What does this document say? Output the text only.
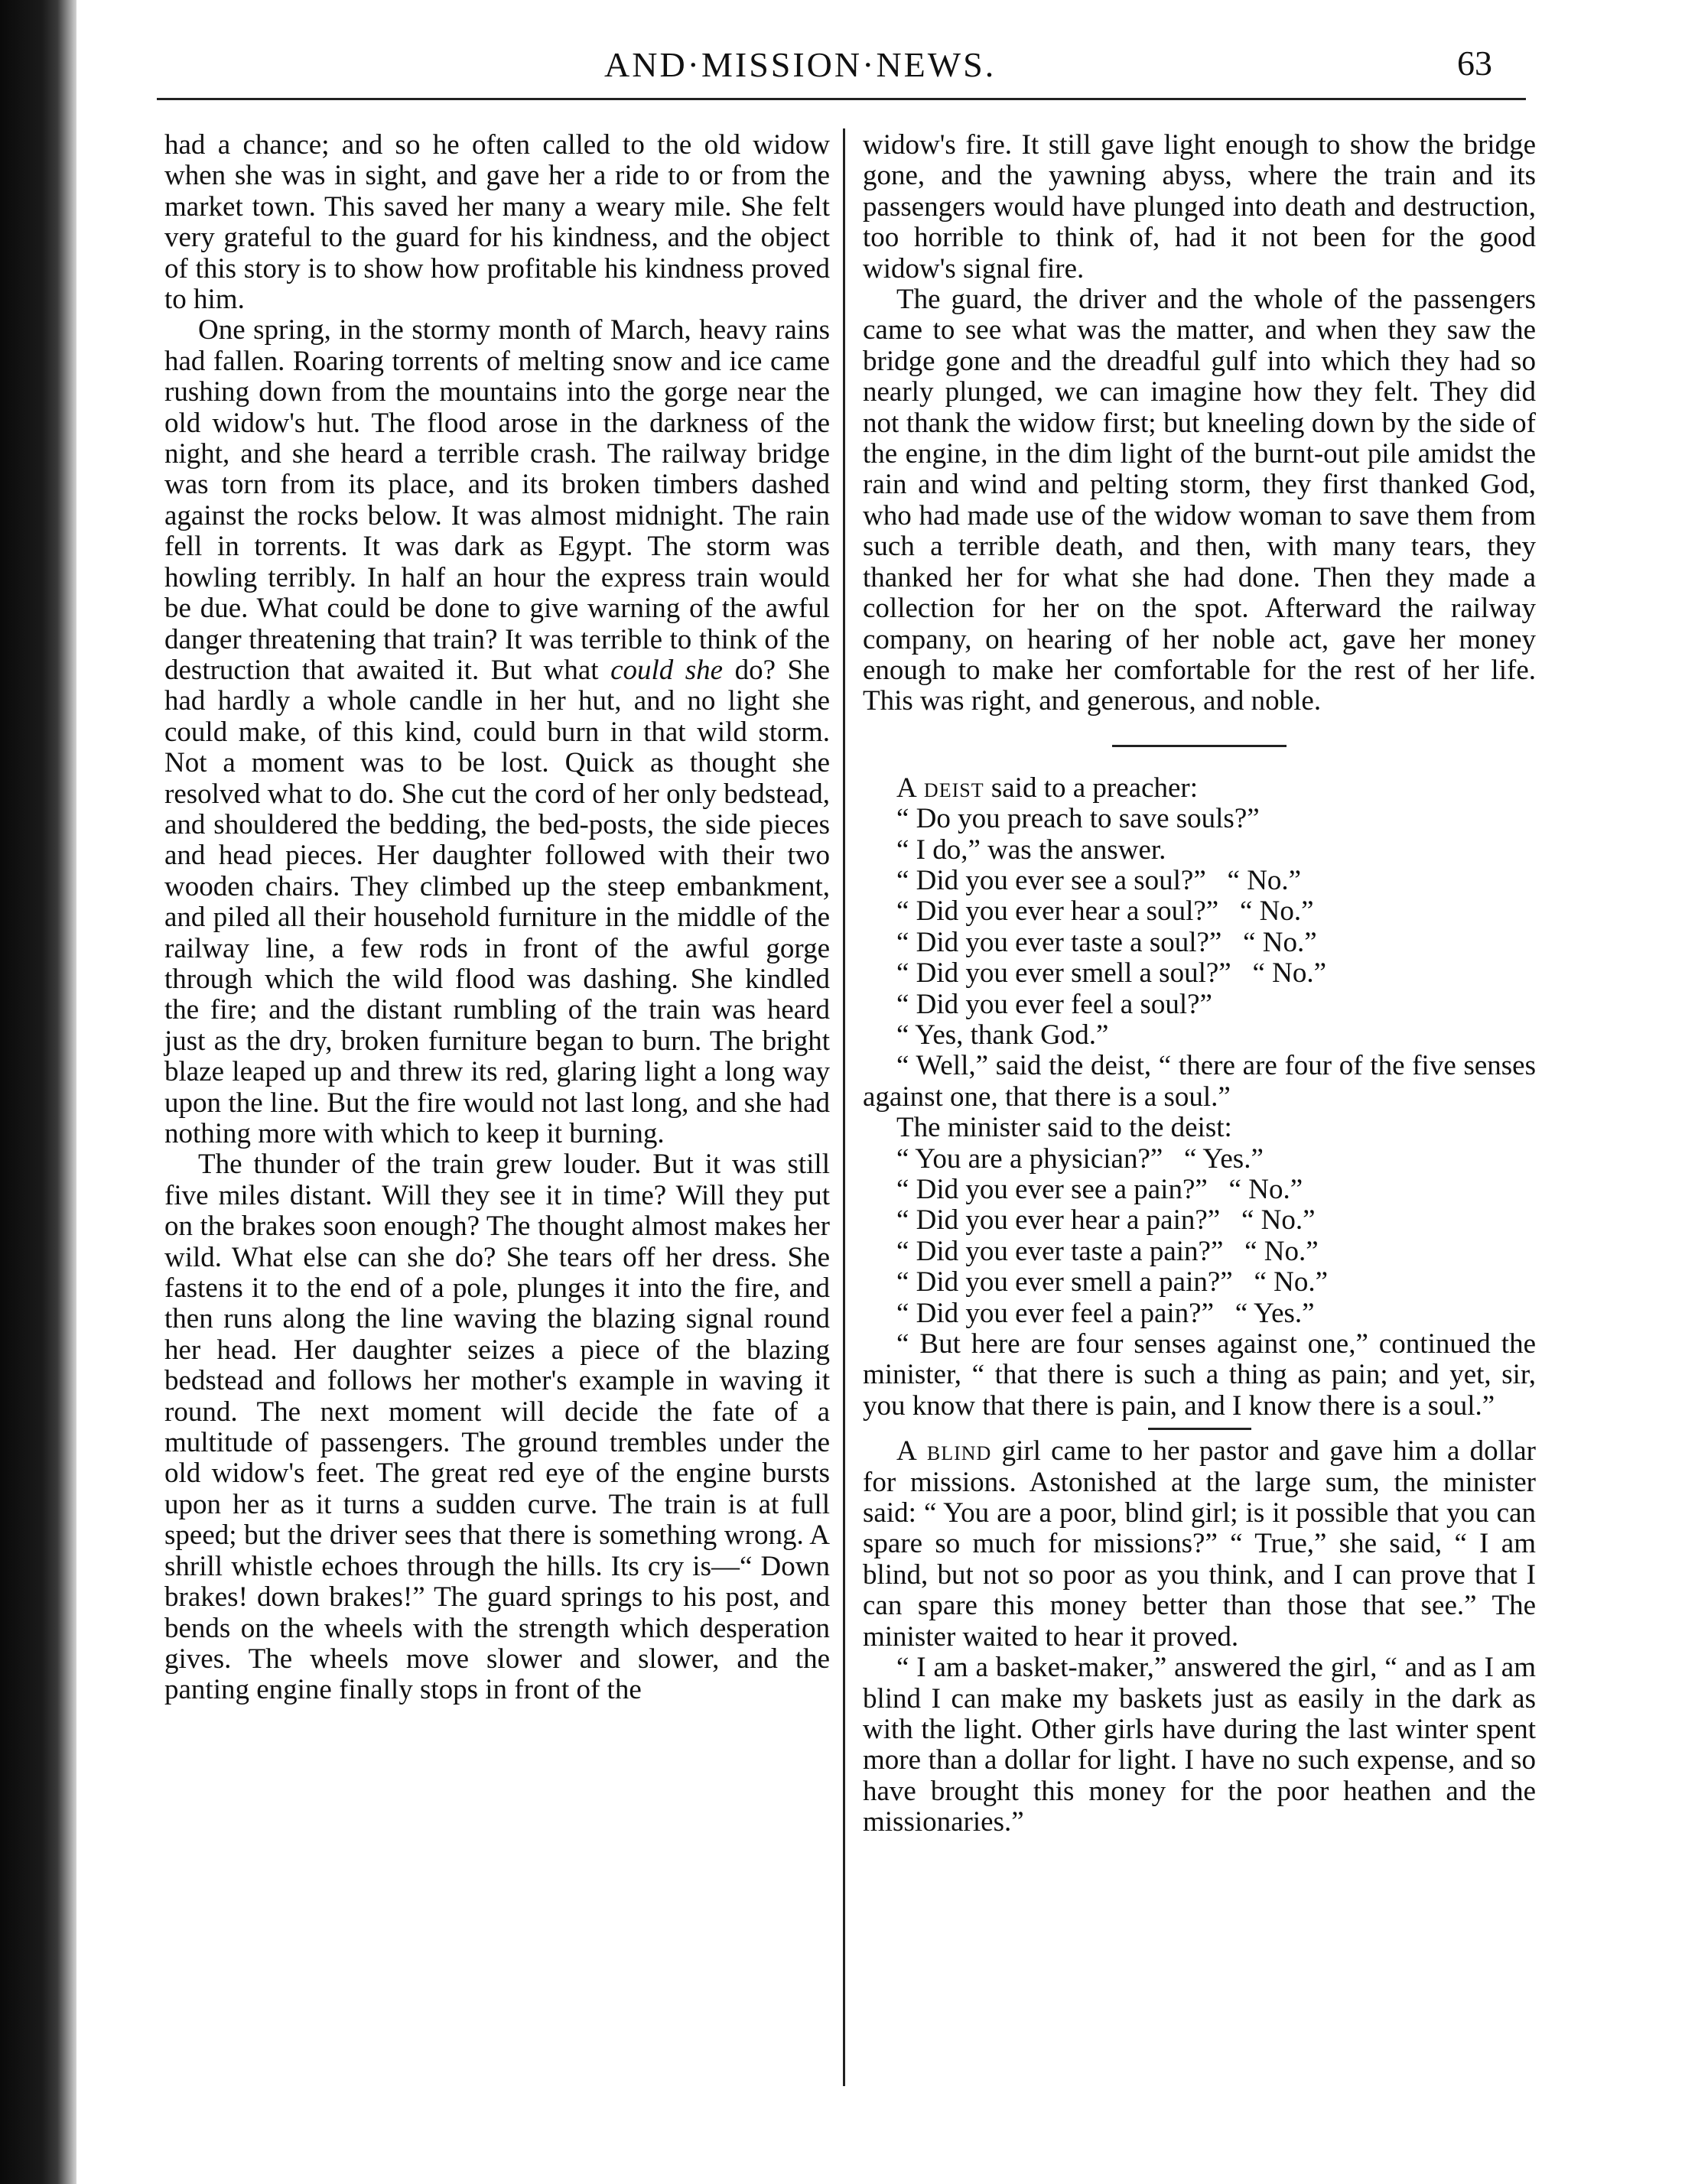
AND·MISSION·NEWS.	63

had a chance; and so he often called to the old widow when she was in sight, and gave her a ride to or from the market town. This saved her many a weary mile. She felt very grateful to the guard for his kindness, and the object of this story is to show how profitable his kindness proved to him.

One spring, in the stormy month of March, heavy rains had fallen. Roaring torrents of melting snow and ice came rushing down from the mountains into the gorge near the old widow's hut. The flood arose in the darkness of the night, and she heard a terrible crash. The railway bridge was torn from its place, and its broken timbers dashed against the rocks below. It was almost midnight. The rain fell in torrents. It was dark as Egypt. The storm was howling terribly. In half an hour the express train would be due. What could be done to give warning of the awful danger threatening that train? It was terrible to think of the destruction that awaited it. But what could she do? She had hardly a whole candle in her hut, and no light she could make, of this kind, could burn in that wild storm. Not a moment was to be lost. Quick as thought she resolved what to do. She cut the cord of her only bedstead, and shouldered the bedding, the bed-posts, the side pieces and head pieces. Her daughter followed with their two wooden chairs. They climbed up the steep embankment, and piled all their household furniture in the middle of the railway line, a few rods in front of the awful gorge through which the wild flood was dashing. She kindled the fire; and the distant rumbling of the train was heard just as the dry, broken furniture began to burn. The bright blaze leaped up and threw its red, glaring light a long way upon the line. But the fire would not last long, and she had nothing more with which to keep it burning.

The thunder of the train grew louder. But it was still five miles distant. Will they see it in time? Will they put on the brakes soon enough? The thought almost makes her wild. What else can she do? She tears off her dress. She fastens it to the end of a pole, plunges it into the fire, and then runs along the line waving the blazing signal round her head. Her daughter seizes a piece of the blazing bedstead and follows her mother's example in waving it round. The next moment will decide the fate of a multitude of passengers. The ground trembles under the old widow's feet. The great red eye of the engine bursts upon her as it turns a sudden curve. The train is at full speed; but the driver sees that there is something wrong. A shrill whistle echoes through the hills. Its cry is—“ Down brakes! down brakes!” The guard springs to his post, and bends on the wheels with the strength which desperation gives. The wheels move slower and slower, and the panting engine finally stops in front of the

widow's fire. It still gave light enough to show the bridge gone, and the yawning abyss, where the train and its passengers would have plunged into death and destruction, too horrible to think of, had it not been for the good widow's signal fire.

The guard, the driver and the whole of the passengers came to see what was the matter, and when they saw the bridge gone and the dreadful gulf into which they had so nearly plunged, we can imagine how they felt. They did not thank the widow first; but kneeling down by the side of the engine, in the dim light of the burnt-out pile amidst the rain and wind and pelting storm, they first thanked God, who had made use of the widow woman to save them from such a terrible death, and then, with many tears, they thanked her for what she had done. Then they made a collection for her on the spot. Afterward the railway company, on hearing of her noble act, gave her money enough to make her comfortable for the rest of her life. This was right, and generous, and noble.

A deist said to a preacher:

“ Do you preach to save souls?”

“ I do,” was the answer.

“ Did you ever see a soul?”   “ No.”

“ Did you ever hear a soul?”   “ No.”

“ Did you ever taste a soul?”   “ No.”

“ Did you ever smell a soul?”   “ No.”

“ Did you ever feel a soul?”

“ Yes, thank God.”

“ Well,” said the deist, “ there are four of the five senses against one, that there is a soul.”

The minister said to the deist:

“ You are a physician?”   “ Yes.”

“ Did you ever see a pain?”   “ No.”

“ Did you ever hear a pain?”   “ No.”

“ Did you ever taste a pain?”   “ No.”

“ Did you ever smell a pain?”   “ No.”

“ Did you ever feel a pain?”   “ Yes.”

“ But here are four senses against one,” continued the minister, “ that there is such a thing as pain; and yet, sir, you know that there is pain, and I know there is a soul.”

A blind girl came to her pastor and gave him a dollar for missions. Astonished at the large sum, the minister said: “ You are a poor, blind girl; is it possible that you can spare so much for missions?” “ True,” she said, “ I am blind, but not so poor as you think, and I can prove that I can spare this money better than those that see.” The minister waited to hear it proved.

“ I am a basket-maker,” answered the girl, “ and as I am blind I can make my baskets just as easily in the dark as with the light. Other girls have during the last winter spent more than a dollar for light. I have no such expense, and so have brought this money for the poor heathen and the missionaries.”
